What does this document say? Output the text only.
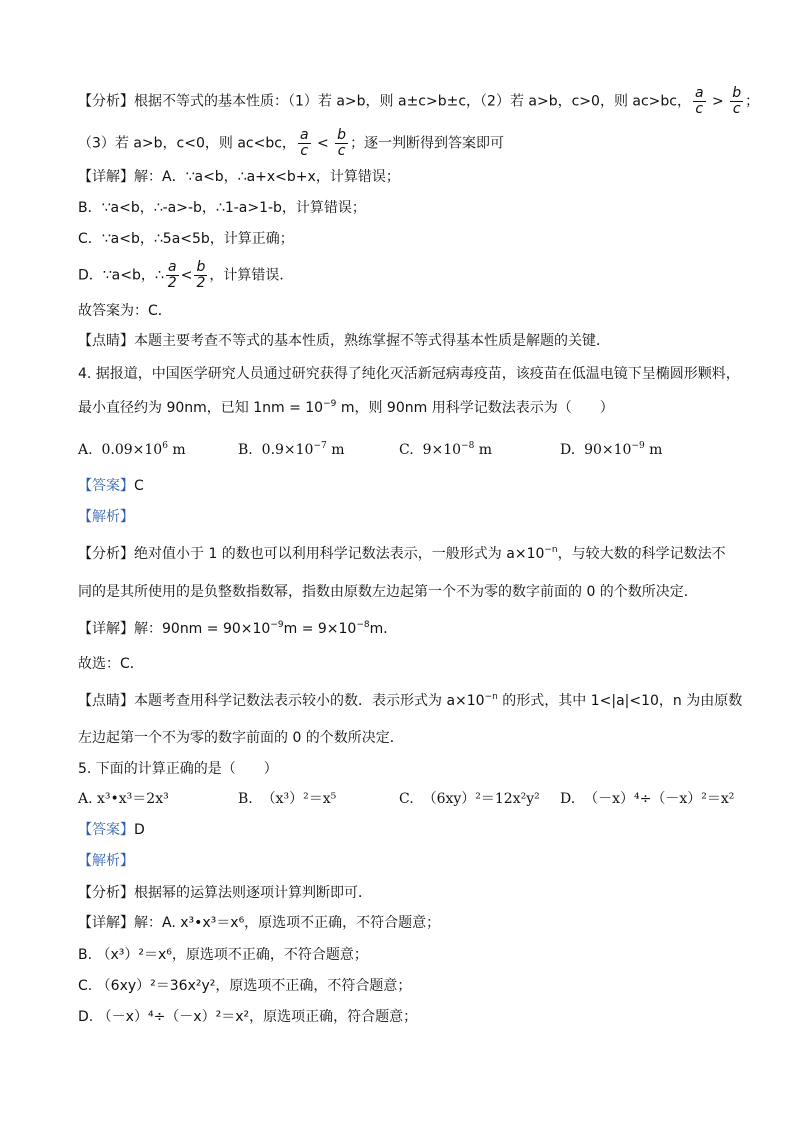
【分析】根据不等式的基本性质：（1）若 a>b，则 a±c>b±c，（2）若 a>b，c>0，则 ac>bc， $\frac{a}{c} > \frac{b}{c}$ ；
（3）若 a>b，c<0，则 ac<bc， $\frac{a}{c} < \frac{b}{c}$ ；逐一判断得到答案即可
【详解】解：A．∵a<b，∴a+x<b+x，计算错误；
B．∵a<b，∴-a>-b，∴1-a>1-b，计算错误；
C．∵a<b，∴5a<5b，计算正确；
D．∵a<b，∴ $\frac{a}{2} < \frac{b}{2}$ ，计算错误．
故答案为：C．
【点睛】本题主要考查不等式的基本性质，熟练掌握不等式得基本性质是解题的关键．
4. 据报道，中国医学研究人员通过研究获得了纯化灭活新冠病毒疫苗，该疫苗在低温电镜下呈椭圆形颗料，
最小直径约为 90nm，已知 $1nm = 10^{-9}$ m，则 90nm 用科学记数法表示为（　　）
A. $0.09\times 10^6$ m	B. $0.9\times 10^{-7}$ m	C. $9\times 10^{-8}$ m	D. $90\times 10^{-9}$ m
【答案】C
【解析】
【分析】绝对值小于 1 的数也可以利用科学记数法表示，一般形式为 $a\times 10^{-n}$，与较大数的科学记数法不
同的是其所使用的是负整数指数幂，指数由原数左边起第一个不为零的数字前面的 0 的个数所决定．
【详解】解：$90nm = 90\times 10^{-9}m = 9\times 10^{-8}m$．
故选：C．
【点睛】本题考查用科学记数法表示较小的数．表示形式为 $a\times 10^{-n}$ 的形式，其中 1<|a|<10，n 为由原数
左边起第一个不为零的数字前面的 0 的个数所决定．
5. 下面的计算正确的是（　　）
A. x³•x³＝2x³	B. （x³）²＝x⁵	C. （6xy）²＝12x²y² D. （－x）⁴÷（－x）²＝x²
【答案】D
【解析】
【分析】根据幂的运算法则逐项计算判断即可．
【详解】解：A. x³•x³＝x⁶，原选项不正确，不符合题意；
B. （x³）²＝x⁶，原选项不正确，不符合题意；
C. （6xy）²＝36x²y²，原选项不正确，不符合题意；
D. （－x）⁴÷（－x）²＝x²，原选项正确，符合题意；
